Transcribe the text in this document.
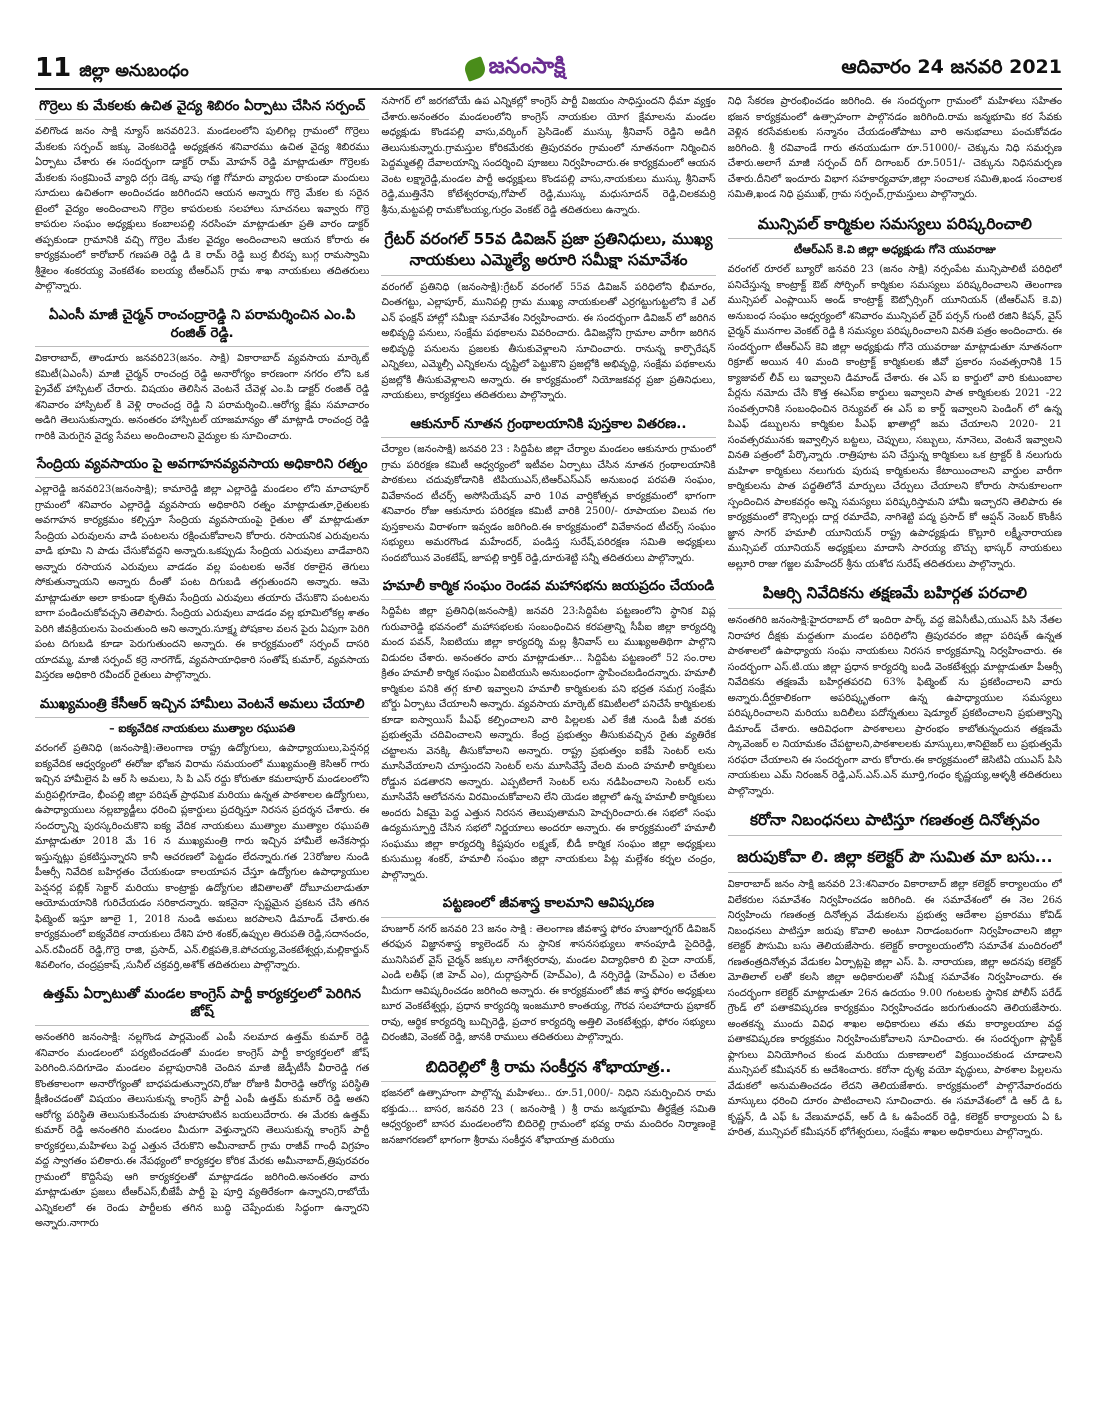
11 జిల్లా అనుబంధం	జనంసాక్షి	ఆదివారం 24 జనవరి 2021
గొర్రెలు కు మేకలకు ఉచిత వైద్య శిబిరం ఏర్పాటు చేసిన సర్పంచ్
వలిగొండ జనం సాక్షి న్యూస్ జనవరి23. మండలంలోని పులిగిల్ల గ్రామంలో గొర్రెలు మేకలకు సర్పంచ్ జక్కు వెంకటరెడ్డి అధ్యక్షతన శనివారము ఉచిత వైద్య శిబిరము ఏర్పాటు చేశారు ఈ సందర్భంగా డాక్టర్ రామ్ మోహన్ రెడ్డి మాట్లాడుతూ గొర్రెలకు మేకలకు సంక్రమించే వ్యాధి దగ్గు డెక్క వాపు గజ్జి గోమారు వ్యాధుల రాకుండా మందులు సూదులు ఉచితంగా అందించడం జరిగిందని ఆయన అన్నారు గొర్రె మేకల కు సరైన టైంలో వైద్యం అందించాలని గొర్రెల కాపరులకు సలహాలు సూచనలు ఇవ్వారు గొర్రె కాపరుల సంఘం అధ్యక్షులు కంబాలపల్లి నరసింహ మాట్లాడుతూ ప్రతి వారం డాక్టర్ తప్పకుండా గ్రామానికి వచ్చి గొర్రెల మేకల వైద్యం అందించాలని ఆయన కోరారు ఈ కార్యక్రమంలో కారోబార్ గణపతి రెడ్డి డి కె రామ్ రెడ్డి బుర్ర బీరప్ప బుగ్గ రామస్వామి శ్రీశైలం శంకరయ్య వెంకటేశం ఐలయ్య టీఆర్ఎస్ గ్రామ శాఖ నాయకులు తదితరులు పాల్గొన్నారు.
ఏఎంసీ మాజీ చైర్మన్ రాంచంద్రారెడ్డి ని పరామర్శించిన ఎం.పి రంజిత్ రెడ్డి.
వికారాబాద్, తాండూరు జనవరి23(జనం. సాక్షి) వికారాబాద్ వ్యవసాయ మార్కెట్ కమిటీ(ఏఎంసీ) మాజీ చైర్మన్ రాంచంద్ర రెడ్డి అనారోగ్యం కారణంగా నగరం లోని ఒక ప్రైవేట్ హాస్పిటల్ చేరారు. విషయం తెలిసిన వెంటనే చేవెళ్ల ఎం.పి డాక్టర్ రంజిత్ రెడ్డి శనివారం హాస్పిటల్ కి వెళ్లి రాంచంద్ర రెడ్డి ని పరామర్శించి..ఆరోగ్య క్షేమ సమాచారం అడిగి తెలుసుకున్నారు. అనంతరం హాస్పిటల్ యాజమాన్యం తో మాట్లాడి రాంచంద్ర రెడ్డి గారికి మెరుగైన వైద్య సేవలు అందించాలని వైద్యుల కు సూచించారు.
సేంద్రియ వ్యవసాయం పై అవగాహనవ్యవసాయ అధికారిని రత్నం
ఎల్లారెడ్డి జనవరి23(జనంసాక్షి); కామారెడ్డి జిల్లా ఎల్లారెడ్డి మండలం లోని మాచాపూర్ గ్రామంలో శనివారం ఎల్లారెడ్డి వ్యవసాయ అధికారిని రత్నం మాట్లాడుతూ,రైతులకు అవగాహన కార్యక్రమం కల్పిస్తూ సేంద్రియ వ్యవసాయంపై రైతుల తో మాట్లాడుతూ సేంద్రియ ఎరువులను వాడి పంటలను రక్షించుకోవాలని కోరారు. రసాయనిక ఎరువులను వాడి భూమి ని పాడు చేసుకోవద్దని అన్నారు.ఒకప్పుడు సేంద్రియ ఎరువులు వాడేవారిని అన్నారు రసాయన ఎరువులు వాడడం వల్ల పంటలకు అనేక రకాలైన తెగులు సోకుతున్నాయని అన్నారు దీంతో పంట దిగుబడి తగ్గుతుందని అన్నారు. ఆమె మాట్లాడుతూ అలా కాకుండా కృతిమ సేంద్రియ ఎరువులు తయారు చేసుకొని పంటలను బాగా పండించుకోవచ్చని తెలిపారు. సేంద్రియ ఎరువులు వాడడం వల్ల భూమిలోకల్ల శాతం పెరిగి జీవక్రియలను పెంచుతుంది అని అన్నారు.సూక్ష్మ పోషకాల వలన పైరు ఏపుగా పెరిగి పంట దిగుబడి కూడా పెరుగుతుందని అన్నారు. ఈ కార్యక్రమంలో సర్పంచ్ దాసరి యాదమ్మ, మాజీ సర్పంచ్ కర్రె నారగౌడ్, వ్యవసాయాధికారి సంతోష్ కుమార్, వ్యవసాయ విస్తరణ అధికారి రవీందర్ రైతులు పాల్గొన్నారు.
ముఖ్యమంత్రి కేసీఆర్ ఇచ్చిన హామీలు వెంటనే అమలు చేయాలి
– ఐక్యవేదిక నాయకులు ముత్యాల రఘుపతి
వరంగల్ ప్రతినిధి (జనంసాక్షి):తెలంగాణ రాష్ట్ర ఉద్యోగులు, ఉపాధ్యాయులు,పెన్షనర్ల ఐక్యవేదిక ఆధ్వర్యంలో ఈరోజు భోజన విరామ సమయంలో ముఖ్యమంత్రి కెసిఆర్ గారు ఇచ్చిన హామీలైన పి ఆర్ సి అమలు, సి పి ఎస్ రద్దు కోరుతూ కమలాపూర్ మండలంలోని మర్రిపల్లిగూడెం, భీంపల్లి జిల్లా పరిషత్ ప్రాథమిక మరియు ఉన్నత పాఠశాలల ఉద్యోగులు, ఉపాధ్యాయులు నల్లబ్యాడ్జీలు ధరించి ప్లకార్డులు ప్రదర్శిస్తూ నిరసన ప్రదర్శన చేశారు. ఈ సందర్భాన్ని పురస్కరించుకొని ఐక్య వేదిక నాయకులు ముత్యాల ముత్యాల రఘుపతి మాట్లాడుతూ 2018 మే 16 న ముఖ్యమంత్రి గారు ఇచ్చిన హామీలే అనేకసార్లు ఇస్తున్నట్లు ప్రకటిస్తున్నారని కానీ ఆచరణలో పెట్టడం లేదన్నారు.గత 23రోజుల నుండి పీఆర్సీ నివేదిక బహిర్గతం చేయకుండా కాలయాపన చేస్తూ ఉద్యోగుల ఉపాధ్యాయుల పెన్షనర్ల పబ్లిక్ సెక్టార్ మరియు కాంట్రాక్టు ఉద్యోగుల జీవితాలతో దోబూచులాడుతూ ఆయోమయానికి గురిచేయడం సరికాదన్నారు. ఇకనైనా స్పష్టమైన ప్రకటన చేసి తగిన ఫిట్మెంట్ ఇస్తూ జూలై 1, 2018 నుండి అమలు జరపాలని డిమాండ్ చేశారు.ఈ కార్యక్రమంలో ఐక్యవేదిక నాయకులు దేశిని హరి శంకర్,ఉప్పుల తిరుపతి రెడ్డి,సదానందం, ఎన్.రవీందర్ రెడ్డి,గొర్రె రాజి, ప్రసాద్, ఎన్.లిక్షపతి,కె.పోచయ్య,వెంకటేశ్వర్లు,మల్లికార్జున్ శివలింగం, చంద్రప్రకాష్ ,సునీల్ చక్రవర్తి,అశోక్ తదితరులు పాల్గొన్నారు.
ఉత్తమ్ ఏర్పాటుతో మండల కాంగ్రెస్ పార్టీ కార్యకర్తలలో పెరిగిన జోష్
అనంతగిరి జనంసాక్షి: నల్లగొండ పార్లమెంట్ ఎంపీ నలమాద ఉత్తమ్ కుమార్ రెడ్డి శనివారం మండలంలో పర్యటించడంతో మండల కాంగ్రెస్ పార్టీ కార్యకర్తలలో జోష్ పెరిగింది.సదిగూడెం మండలం వల్లాపురానికి చెందిన మాజీ జెడ్పీటీసీ వీరారెడ్డి గత కొంతకాలంగా అనారోగ్యంతో బాధపడుతున్నారని,రోజు రోజుకి వీరారెడ్డి ఆరోగ్య పరిస్థితి క్షీణించడంతో విషయం తెలుసుకున్న కాంగ్రెస్ పార్టీ ఎంపీ ఉత్తమ్ కుమార్ రెడ్డి అతని ఆరోగ్య పరిస్థితి తెలుసుకునేందుకు హుటాహుటిన బయలుదేరారు. ఈ మేరకు ఉత్తమ్ కుమార్ రెడ్డి అనంతగిరి మండలం మీదుగా వెళ్తున్నారని తెలుసుకున్న కాంగ్రెస్ పార్టీ కార్యకర్తలు,మహిళలు పెద్ద ఎత్తున చేరుకొని అమీనాబాద్ గ్రామ రాజీవ్ గాంధీ విగ్రహం వద్ద స్వాగతం పలికారు.ఈ నేపథ్యంలో కార్యకర్తల కోరిక మేరకు అమీనాబాద్,త్రిపురవరం గ్రామంలో కొద్దిసేపు ఆగి కార్యకర్తలతో మాట్లాడడం జరిగింది.అనంతరం వారు మాట్లాడుతూ ప్రజలు టీఆర్ఎస్,బీజేపీ పార్టీ పై పూర్తి వ్యతిరేకంగా ఉన్నారని,రాబోయే ఎన్నికలలో ఈ రెండు పార్టీలకు తగిన బుద్ధి చెప్పేందుకు సిద్ధంగా ఉన్నారని అన్నారు.నాగారు
నసాగర్ లో జరగబోయే ఉప ఎన్నికల్లో కాంగ్రెస్ పార్టీ విజయం సాధిస్తుందని ధీమా వ్యక్తం చేశారు.అనంతరం మండలంలోని కాంగ్రెస్ నాయకుల యోగ క్షేమాలను మండల అధ్యక్షుడు కొండపల్లి వాసు,వర్కింగ్ ప్రెసిడెంట్ ముస్కు శ్రీనివాస్ రెడ్డిని అడిగి తెలుసుకున్నారు.గ్రామస్తుల కోరికమేరకు త్రిపురవరం గ్రామంలో నూతనంగా నిర్మించిన పెద్దమ్మతల్లి దేవాలయాన్ని సందర్శించి పూజలు నిర్వహించారు.ఈ కార్యక్రమంలో ఆయన వెంట లక్ష్మారెడ్డి,మండల పార్టీ అధ్యక్షులు కొండపల్లి వాసు,నాయకులు ముస్కు శ్రీనివాస్ రెడ్డి,ముత్తినేని కోటేశ్వరరావు,గోపాల్ రెడ్డి,ముస్కు మధుసూదన్ రెడ్డి,చిలకమర్రి శ్రీను,మట్టపల్లి రామకోటయ్య,గుర్రం వెంకట్ రెడ్డి తదితరులు ఉన్నారు.
గ్రేటర్ వరంగల్ 55వ డివిజన్ ప్రజా ప్రతినిధులు, ముఖ్య నాయకులు ఎమ్మెల్యే అరూరి సమీక్షా సమావేశం
వరంగల్ ప్రతినిధి (జనంసాక్షి):గ్రేటర్ వరంగల్ 55వ డివిజన్ పరిధిలోని భీమారం, చింతగట్టు, ఎల్లాపూర్, మునిపల్లి గ్రామ ముఖ్య నాయకులతో ఎర్రగట్టుగుట్టలోని కే ఎల్ ఎన్ ఫంక్షన్ హాల్లో సమీక్షా సమావేశం నిర్వహించారు. ఈ సందర్భంగా డివిజన్ లో జరిగిన అభివృద్ధి పనులు, సంక్షేమ పథకాలను వివరించారు. డివిజన్లోని గ్రామాల వారీగా జరిగిన అభివృద్ధి పనులను ప్రజలకు తీసుకువెళ్లాలని సూచించారు. రానున్న కార్పొరేషన్ ఎన్నికలు, ఎమ్మెల్సీ ఎన్నికలను దృష్టిలో పెట్టుకొని ప్రజల్లోకి అభివృద్ధి, సంక్షేమ పథకాలను ప్రజల్లోకి తీసుకువెళ్లాలని అన్నారు. ఈ కార్యక్రమంలో నియోజకవర్గ ప్రజా ప్రతినిధులు, నాయకులు, కార్యకర్తలు తదితరులు పాల్గొన్నారు.
ఆకునూర్ నూతన గ్రంథాలయానికి పుస్తకాల వితరణ..
చేర్యాల (జనంసాక్షి) జనవరి 23 : సిద్దిపేట జిల్లా చేర్యాల మండలం ఆకునూరు గ్రామంలో గ్రామ పరిరక్షణ కమిటీ ఆధ్వర్యంలో ఇటీవల ఏర్పాటు చేసిన నూతన గ్రంథాలయానికి పాఠకులు చదువుకోడానికి టిపియుఎస్,టిఆర్ఎస్ఎస్ అనుబంధ పరపతి సంఘం, వివేకానంద టీచర్స్ అసోసియేషన్ వారి 10వ వార్షికోత్సవ కార్యక్రమంలో భాగంగా శనివారం రోజు ఆకునూరు పరిరక్షణ కమిటీ వారికి 2500/- రూపాయల విలువ గల పుస్తకాలను విరాళంగా ఇవ్వడం జరిగింది.ఈ కార్యక్రమంలో వివేకానంద టీచర్స్ సంఘం సభ్యులు అమరగొండ మహేందర్, పండిస్త సురేష్,పరిరక్షణ సమితి అధ్యక్షులు సందబోయిన వెంకటేష్, జూపల్లి కార్తిక్ రెడ్డి,దూరుశెట్టి సన్నీ తదితరులు పాల్గొన్నారు.
హమాలీ కార్మిక సంఘం రెండవ మహాసభను జయప్రదం చేయండి
సిద్దిపేట జిల్లా ప్రతినిధి(జనంసాక్షి) జనవరి 23:సిద్దిపేట పట్టణంలోని స్థానిక విప్ల గురువారెడ్డి భవనంలో మహాసభలకు సంబంధించిన కరపత్రాన్ని సీపీఐ జిల్లా కార్యదర్శి మంద పవన్, సిఐటియు జిల్లా కార్యదర్శి మల్ల శ్రీనివాస్ లు ముఖ్యఅతిథిగా పాల్గొని విడుదల చేశారు. అనంతరం వారు మాట్లాడుతూ... సిద్దిపేట పట్టణంలో 52 సం.రాల క్రితం హమాలీ కార్మిక సంఘం ఏఐటియుసి అనుబంధంగా స్థాపించబడిందన్నారు. హమాలీ కార్మికుల పనికి తగ్గ కూలి ఇవ్వాలని హమాలీ కార్మికులకు పని భద్రత సమగ్ర సంక్షేమ బోర్డు ఏర్పాటు చేయాలనీ అన్నారు. వ్యవసాయ మార్కెట్ కమిటీలలో పనిచేసే కార్మికులకు కూడా ఐస్వాయిస్ పీఎఫ్ కల్పించాలని వారి పిల్లలకు ఎల్ కేజీ నుండి పీజీ వరకు ప్రభుత్వమే చదివించాలని అన్నారు. కేంద్ర ప్రభుత్వం తీసుకువచ్చిన రైతు వ్యతిరేక చట్టాలను వెనక్కి తీసుకోవాలని అన్నారు. రాష్ట్ర ప్రభుత్వం ఐకేపీ సెంటర్ లను మూసివేయాలని చూస్తుందని సెంటర్ లను మూసివేస్తే వేలది మంది హమాలీ కార్మికులు రోడ్డున పడతారని అన్నారు. ఎప్పటిలాగే సెంటర్ లను నడిపించాలని సెంటర్ లను మూసివేసే ఆలోచనను విరమించుకోవాలని లేని యెడల జిల్లాలో ఉన్న హమాలీ కార్మికులు అందరు ఏకమై పెద్ద ఎత్తున నిరసన తెలుపుతామని హెచ్చరించారు.ఈ సభలో సంఘ ఉద్యమస్ఫూర్తి చేసిన సభలో నిర్ణయాలు అందరూ అన్నారు. ఈ కార్యక్రమంలో హమాలీ సంఘము జిల్లా కార్యదర్శి కిష్టపురం లక్ష్మణ్, బీడీ కార్మిక సంఘం జిల్లా అధ్యక్షులు కుసుముల్ల శంకర్, హమాలీ సంఘం జిల్లా నాయకులు పిట్ల మల్లేశం కర్నల చంద్రం, పాల్గొన్నారు.
పట్టణంలో జీవశాస్త్ర కాలమాని ఆవిష్కరణ
హుజూర్ నగర్ జనవరి 23 జనం సాక్షి : తెలంగాణ జీవశాస్త్ర ఫోరం హుజూర్నగర్ డివిజన్ తరఫున విజ్ఞానశాస్త్ర క్యాలెండర్ ను స్థానిక శాసనసభ్యులు శానంపూడి సైదిరెడ్డి, మునిసిపల్ వైస్ చైర్మన్ జక్కుల నాగేశ్వరరావు, మండల విద్యాధికారి బి సైదా నాయక్, ఎండి లతీఫ్ (జి హెచ్ ఎం), దుర్గాప్రసాద్ (హెచ్ఎం), డి నర్సిరెడ్డి (హెచ్ఎం) ల చేతుల మీదుగా ఆవిష్కరించడం జరిగింది అన్నారు. ఈ కార్యక్రమంలో జీవ శాస్త్ర ఫోరం అధ్యక్షులు బూర వెంకటేశ్వర్లు, ప్రధాన కార్యదర్శి ఇంజమూరి కాంతయ్య, గౌరవ సలహాదారు ప్రభాకర్ రావు, ఆర్థిక కార్యదర్శి బుచ్చిరెడ్డి, ప్రచార కార్యదర్శి అత్తిలి వెంకటేశ్వర్లు, ఫోరం సభ్యులు చిరంజీవి, వెంకట్ రెడ్డి, జానకి రాములు తదితరులు పాల్గొన్నారు.
బిదిరెల్లిలో శ్రీ రామ సంకీర్తన శోభాయాత్ర..
భజనలో ఉత్సాహంగా పాల్గొన్న మహిళలు.. రూ.51,000/- నిధిని సమర్పించిన రామ భక్తుడు... బాసర, జనవరి 23 ( జనంసాక్షి ) శ్రీ రామ జన్మభూమి తీర్థక్షేత్ర సమితి ఆధ్వర్యంలో బాసర మండలంలోని బిదిరెల్లి గ్రామంలో భవ్య రామ మందిరం నిర్మాణంకై జనజాగరణలో భాగంగా శ్రీరామ సంకీర్తన శోభాయాత్ర మరియు
నిధి సేకరణ ప్రారంభించడం జరిగింది. ఈ సందర్భంగా గ్రామంలో మహిళలు సహితం భజన కార్యక్రమంలో ఉత్సాహంగా పాల్గొనడం జరిగింది.రామ జన్మభూమి కర సేవకు వెళ్లిన కరసేవకులకు సన్మానం చేయడంతోపాటు వారి అనుభవాలు పంచుకోవడం జరిగింది. శ్రీ రవివాండే గారు తనయుడుగా రూ.51000/- చెక్కును నిధి సమర్పణ చేశారు.అలాగే మాజీ సర్పంచ్ దిగ్ దిగాంబర్ రూ.5051/- చెక్కును నిధిసమర్పణ చేశారు.దీనిలో ఇందూరు విభాగ సహకార్యవాహ,జిల్లా సంచాలక సమితి,ఖండ సంచాలక సమితి,ఖండ నిధి ప్రముఖ్, గ్రామ సర్పంచ్,గ్రామస్తులు పాల్గొన్నారు.
మున్సిపల్ కార్మికుల సమస్యలు పరిష్కరించాలి
టీఆర్ఎస్ కె.వి జిల్లా అధ్యక్షుడు గోనె యువరాజు
వరంగల్ రూరల్ బ్యూరో జనవరి 23 (జనం సాక్షి) నర్సంపేట మున్సిపాలిటీ పరిధిలో పనిచేస్తున్న కాంట్రాక్ట్ ఔట్ సోర్సింగ్ కార్మికుల సమస్యలు పరిష్కరించాలని తెలంగాణ మున్సిపల్ ఎంప్లాయిస్ అండ్ కాంట్రాక్ట్ ఔట్సోర్సింగ్ యూనియన్ (టీఆర్ఎస్ కె.వి) అనుబంధ సంఘం ఆధ్వర్యంలో శనివారం మున్సిపల్ చైర్ పర్సన్ గుంటి రజిని కిషన్, వైస్ చైర్మన్ మునగాల వెంకట్ రెడ్డి కి సమస్యల పరిష్కరించాలని వినతి పత్రం అందించారు. ఈ సందర్భంగా టీఆర్ఎస్ కెవి జిల్లా అధ్యక్షుడు గోనె యువరాజు మాట్లాడుతూ నూతనంగా రిక్రూట్ అయిన 40 మంది కాంట్రాక్ట్ కార్మికులకు జీవో ప్రకారం సంవత్సరానికి 15 క్యాజువల్ లీవ్ లు ఇవ్వాలని డిమాండ్ చేశారు. ఈ ఎస్ ఐ కార్డులో వారి కుటుంబాల పేర్లను నమోదు చేసి కొత్త ఈఎస్ఐ కార్డులు ఇవ్వాలని పాత కార్మికులకు 2021 -22 సంవత్సరానికి సంబంధించిన రెన్యువల్ ఈ ఎస్ ఐ కార్డ్ ఇవ్వాలని పెండింగ్ లో ఉన్న పిఎఫ్ డబ్బులను కార్మికుల పీఎఫ్ ఖాతాల్లో జమ చేయాలని 2020- 21 సంవత్సరమునకు ఇవ్వాల్సిన బట్టలు, చెప్పులు, సబ్బులు, నూనెలు, వెంటనే ఇవ్వాలని వినతి పత్రంలో పేర్కొన్నారు .రాత్రిపూట పని చేస్తున్న కార్మికులు ఒక ట్రాక్టర్ కి నలుగురు మహిళా కార్మికులు నలుగురు పురుష కార్మికులను కేటాయించాలని వార్డుల వారీగా కార్మికులను పాత పద్ధతిలోనే మార్పులు చేర్పులు చేయాలని కోరారు సానుకూలంగా స్పందించిన పాలకవర్గం అన్ని సమస్యలు పరిష్కరిస్తామని హామీ ఇచ్చారని తెలిపారు ఈ కార్యక్రమంలో కౌన్సిలర్లు దార్ల రమాదేవి, నాగిశెట్టి పద్మ ప్రసాద్ కో ఆప్షన్ నెంబర్ కొంకీస జ్ఞాన సాగర్ హమాలీ యూనియన్ రాష్ట్ర ఉపాధ్యక్షుడు కొల్లూరి లక్ష్మీనారాయణ మున్సిపల్ యూనియన్ అధ్యక్షులు మాదాసి సారయ్య బొచ్చు భాస్కర్ నాయకులు అల్లూరి రాజు గజ్జల మహేందర్ శ్రీను యశోద సురేష్ తదితరులు పాల్గొన్నారు.
పిఆర్సి నివేదికను తక్షణమే బహిర్గత పరచాలి
అనంతగిరి జనంసాక్షి:హైదరాబాద్ లో ఇందిరా పార్క్ వద్ద జెఏసీటీఎ,యుఎస్ పిసి నేతల నిరాహార దీక్షకు మద్దతుగా మండల పరిధిలోని త్రిపురవరం జిల్లా పరిషత్ ఉన్నత పాఠశాలలో ఉపాధ్యాయ సంఘ నాయకులు నిరసన కార్యక్రమాన్ని నిర్వహించారు. ఈ సందర్భంగా ఎస్.టి.యు జిల్లా ప్రధాన కార్యదర్శి బండి వెంకటేశ్వర్లు మాట్లాడుతూ పీఆర్సీ నివేదికను తక్షణమే బహిర్గతపరచి 63% ఫిట్మెంట్ ను ప్రకటించాలని వారు అన్నారు.దీర్ఘకాలికంగా అపరిష్కృతంగా ఉన్న ఉపాధ్యాయుల సమస్యలు పరిష్కరించాలని మరియు బదిలీలు పదోన్నతులు షెడ్యూల్ ప్రకటించాలని ప్రభుత్వాన్ని డిమాండ్ చేశారు. ఆదివిధంగా పాఠశాలలు ప్రారంభం కాబోతున్నందున తక్షణమే స్కావెంజర్ ల నియామకం చేపట్టాలని,పాఠశాలలకు మాస్కులు,శానిటైజర్ లు ప్రభుత్వమే సరఫరా చేయాలని ఈ సందర్భంగా వారు కోరారు.ఈ కార్యక్రమంలో జెసిటిఏ యుఎస్ పిసి నాయకులు ఎమ్ నిరంజన్ రెడ్డి,ఎస్.ఎస్.ఎన్ మూర్తి,గంధం కృష్ణయ్య,ఆళ్ళశ్రీ తదితరులు పాల్గొన్నారు.
కరోనా నిబంధనలు పాటిస్తూ గణతంత్ర దినోత్సవం
జరుపుకోవా లి. జిల్లా కలెక్టర్ పౌ సుమిత మా బసు...
వికారాబాద్ జనం సాక్షి జనవరి 23:శనివారం వికారాబాద్ జిల్లా కలెక్టర్ కార్యాలయం లో విలేకరుల సమావేశం నిర్వహించడం జరిగింది. ఈ సమావేశంలో ఈ నెల 26న నిర్వహించు గణతంత్ర దినోత్సవ వేడుకలను ప్రభుత్వ ఆదేశాల ప్రకారము కోవిడ్ నిబంధనలు పాటిస్తూ జరుపు కొవాలి అంటూ నిరాడంబరంగా నిర్వహించాలని జిల్లా కలెక్టర్ పౌసుమి బసు తెలియజేసారు. కలెక్టర్ కార్యాలయంలోని సమావేశ మందిరంలో గణతంత్రదినోత్సవ వేడుకల ఏర్పాట్లపై జిల్లా ఎస్. పి. నారాయణ, జిల్లా అదనపు కలెక్టర్ మోతిలాల్ లతో కలసి జిల్లా అధికారులతో సమీక్ష సమావేశం నిర్వహించారు. ఈ సందర్భంగా కలెక్టర్ మాట్లాడుతూ 26న ఉదయం 9.00 గంటలకు స్థానిక పోలీస్ పరేడ్ గ్రౌండ్ లో పతాకవిష్కరణ కార్యక్రమం నిర్వహించడం జరుగుతుందని తెలియజేసారు. అంతకన్న ముందు వివిధ శాఖల అధికారులు తమ తమ కార్యాలయాల వద్ద పతాకవిష్కరణ కార్యక్రమం నిర్వహించుకోవాలని సూచించారు. ఈ సందర్భంగా ప్లాస్టిక్ ఫ్లాగులు వినియోగించ కుండ మరియు దుకాణాలలో విక్రయించకుండ చూడాలని మున్సిపల్ కమీషనర్ కు ఆదేశించారు. కరోనా దృశ్య వయో వృద్ధులు, పాఠశాల పిల్లలను వేడుకలో అనుమతించడం లేదని తెలియజేశారు. కార్యక్రమంలో పాల్గొనేవారందరు మాస్కులు ధరించి దూరం పాటించాలని సూచించారు. ఈ సమావేశంలో డి ఆర్ డి ఓ కృష్ణన్, డి ఎఫ్ ఓ వేణుమాధవ్, ఆర్ డి ఓ ఉపేందర్ రెడ్డి, కలెక్టర్ కార్యాలయ ఏ ఓ హరిత, మున్సిపల్ కమీషనర్ భోగేశ్వరులు, సంక్షేమ శాఖల అధికారులు పాల్గొన్నారు.
